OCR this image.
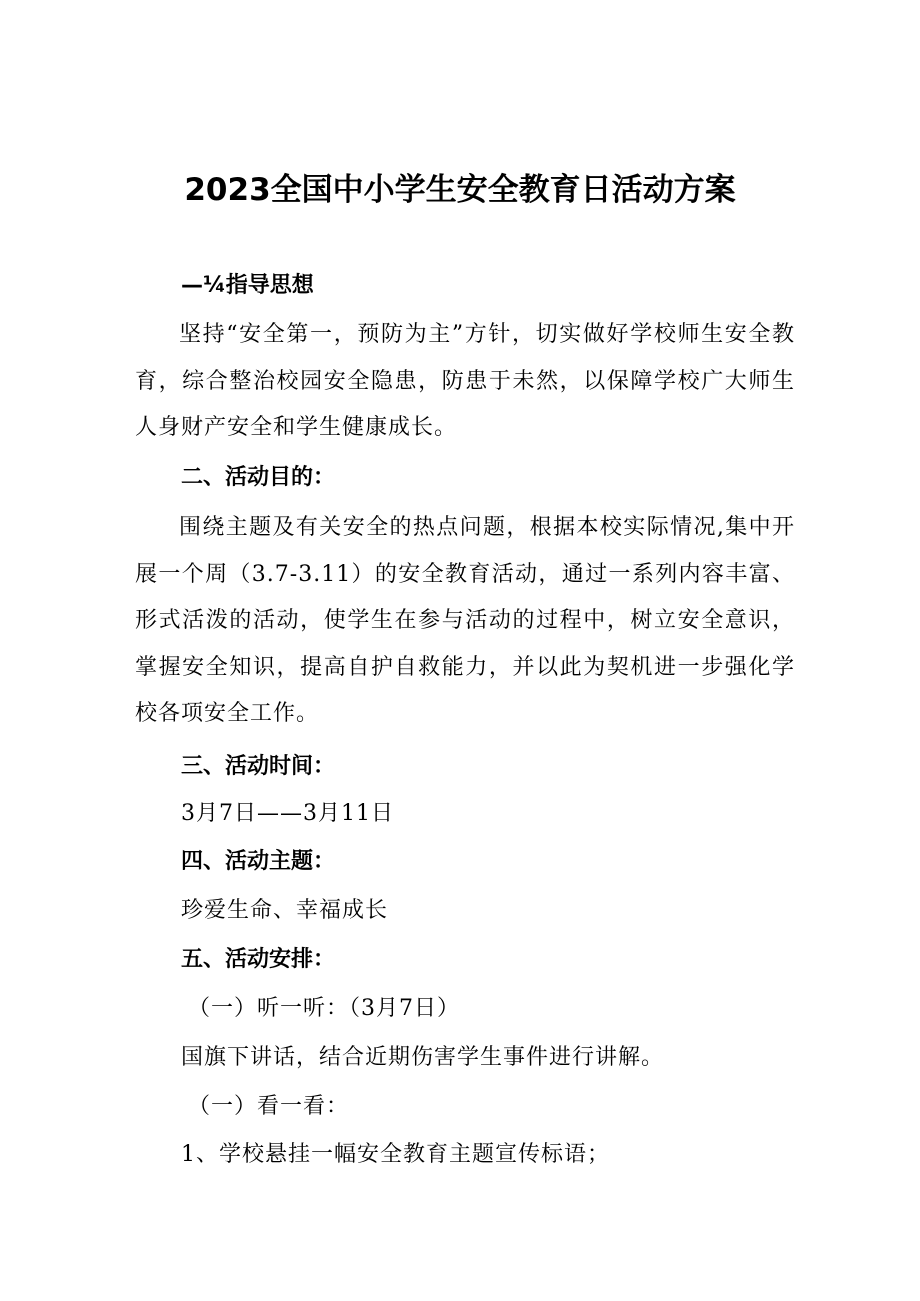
2023全国中小学生安全教育日活动方案
—¼指导思想
坚持“安全第一，预防为主”方针，切实做好学校师生安全教育，综合整治校园安全隐患，防患于未然，以保障学校广大师生人身财产安全和学生健康成长。
二、活动目的：
围绕主题及有关安全的热点问题，根据本校实际情况,集中开展一个周（3.7-3.11）的安全教育活动，通过一系列内容丰富、形式活泼的活动，使学生在参与活动的过程中，树立安全意识，掌握安全知识，提高自护自救能力，并以此为契机进一步强化学校各项安全工作。
三、活动时间：
3月7日——3月11日
四、活动主题：
珍爱生命、幸福成长
五、活动安排：
（一）听一听：（3月7日）
国旗下讲话，结合近期伤害学生事件进行讲解。
（一）看一看：
1、学校悬挂一幅安全教育主题宣传标语；
